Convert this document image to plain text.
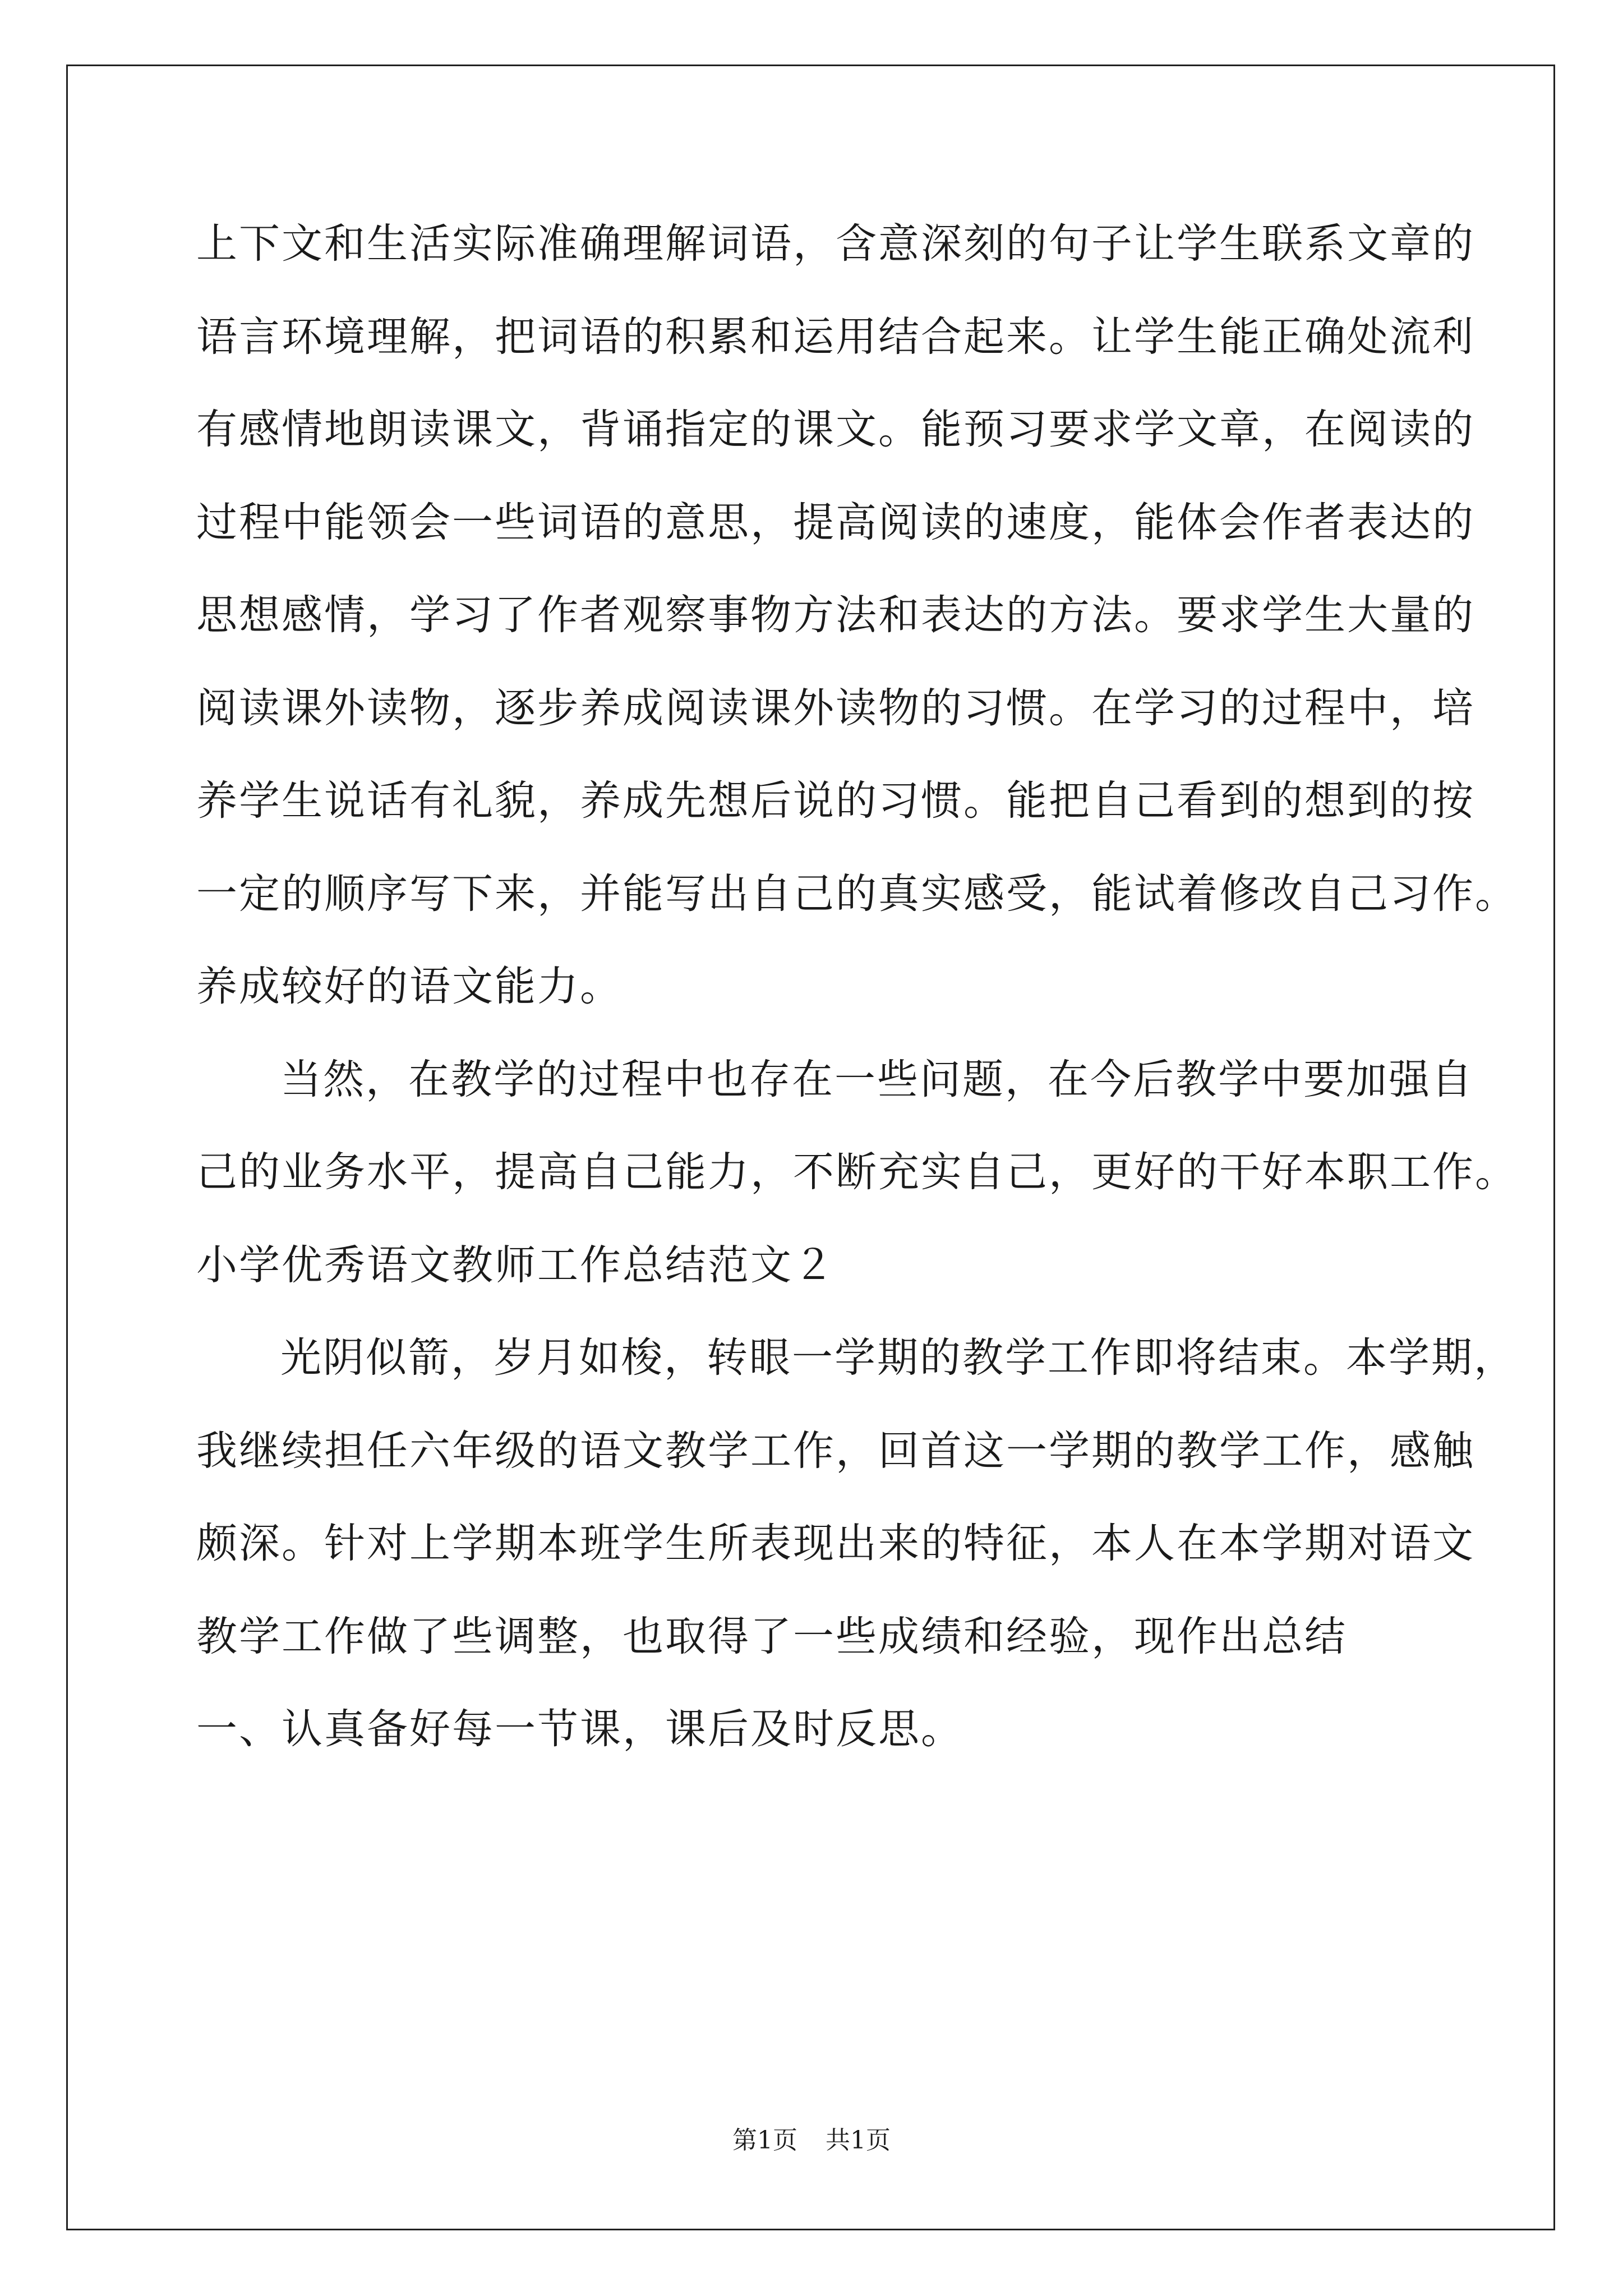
上下文和生活实际准确理解词语，含意深刻的句子让学生联系文章的
语言环境理解，把词语的积累和运用结合起来。让学生能正确处流利
有感情地朗读课文，背诵指定的课文。能预习要求学文章，在阅读的
过程中能领会一些词语的意思，提高阅读的速度，能体会作者表达的
思想感情，学习了作者观察事物方法和表达的方法。要求学生大量的
阅读课外读物，逐步养成阅读课外读物的习惯。在学习的过程中，培
养学生说话有礼貌，养成先想后说的习惯。能把自己看到的想到的按
一定的顺序写下来，并能写出自己的真实感受，能试着修改自己习作。
养成较好的语文能力。
当然，在教学的过程中也存在一些问题，在今后教学中要加强自
己的业务水平，提高自己能力，不断充实自己，更好的干好本职工作。
小学优秀语文教师工作总结范文２
光阴似箭，岁月如梭，转眼一学期的教学工作即将结束。本学期，
我继续担任六年级的语文教学工作，回首这一学期的教学工作，感触
颇深。针对上学期本班学生所表现出来的特征，本人在本学期对语文
教学工作做了些调整，也取得了一些成绩和经验，现作出总结
一、认真备好每一节课，课后及时反思。
第1页 共1页
